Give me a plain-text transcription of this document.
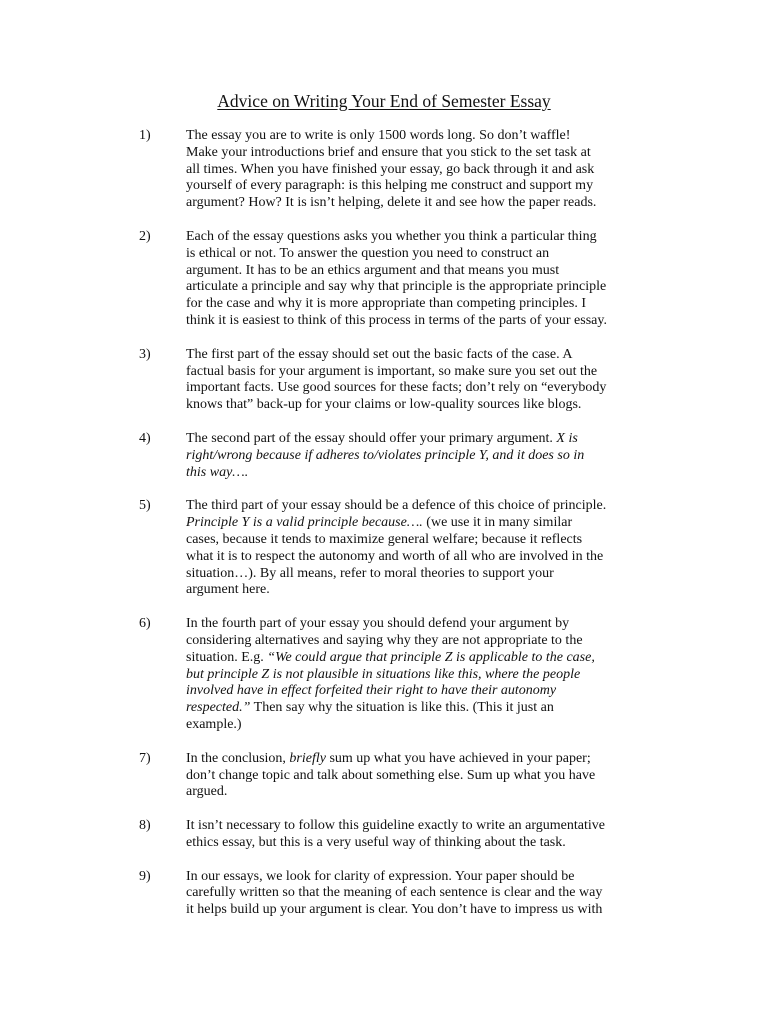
Advice on Writing Your End of Semester Essay
1)	The essay you are to write is only 1500 words long. So don’t waffle!
Make your introductions brief and ensure that you stick to the set task at
all times. When you have finished your essay, go back through it and ask
yourself of every paragraph: is this helping me construct and support my
argument? How? It is isn’t helping, delete it and see how the paper reads.
2)	Each of the essay questions asks you whether you think a particular thing
is ethical or not. To answer the question you need to construct an
argument. It has to be an ethics argument and that means you must
articulate a principle and say why that principle is the appropriate principle
for the case and why it is more appropriate than competing principles. I
think it is easiest to think of this process in terms of the parts of your essay.
3)	The first part of the essay should set out the basic facts of the case. A
factual basis for your argument is important, so make sure you set out the
important facts. Use good sources for these facts; don’t rely on “everybody
knows that” back-up for your claims or low-quality sources like blogs.
4)	The second part of the essay should offer your primary argument. X is
right/wrong because if adheres to/violates principle Y, and it does so in
this way….
5)	The third part of your essay should be a defence of this choice of principle.
Principle Y is a valid principle because…. (we use it in many similar
cases, because it tends to maximize general welfare; because it reflects
what it is to respect the autonomy and worth of all who are involved in the
situation…). By all means, refer to moral theories to support your
argument here.
6)	In the fourth part of your essay you should defend your argument by
considering alternatives and saying why they are not appropriate to the
situation. E.g. “We could argue that principle Z is applicable to the case,
but principle Z is not plausible in situations like this, where the people
involved have in effect forfeited their right to have their autonomy
respected.” Then say why the situation is like this. (This it just an
example.)
7)	In the conclusion, briefly sum up what you have achieved in your paper;
don’t change topic and talk about something else. Sum up what you have
argued.
8)	It isn’t necessary to follow this guideline exactly to write an argumentative
ethics essay, but this is a very useful way of thinking about the task.
9)	In our essays, we look for clarity of expression. Your paper should be
carefully written so that the meaning of each sentence is clear and the way
it helps build up your argument is clear. You don’t have to impress us with
